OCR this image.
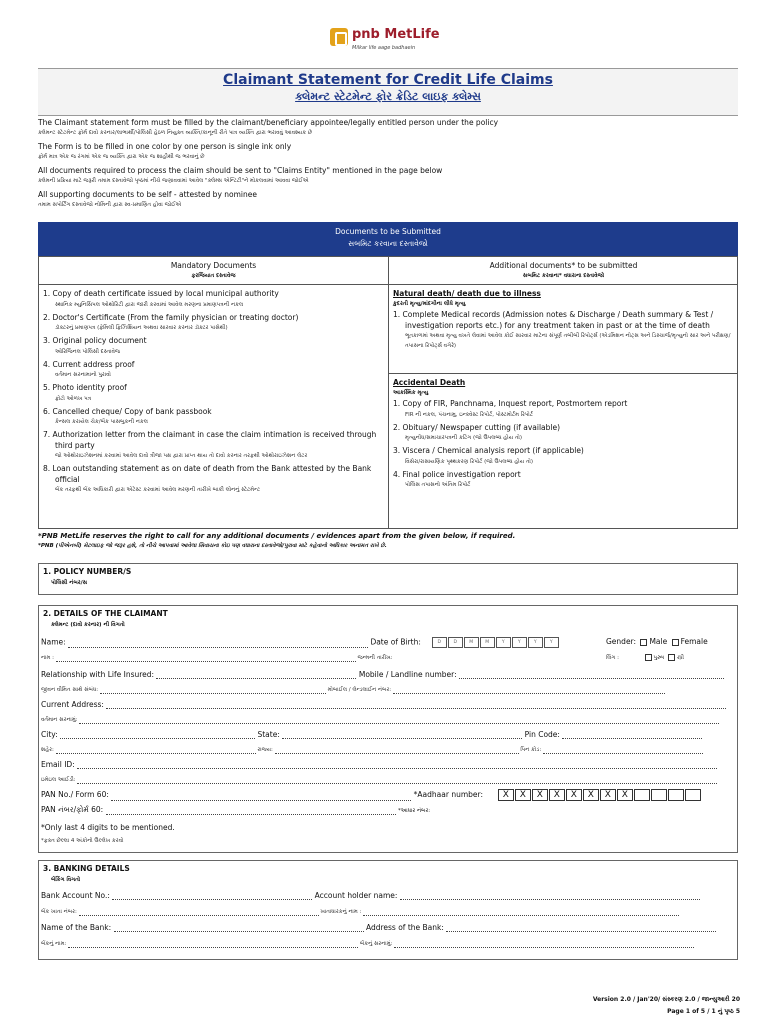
pnb MetLife
Milkar life aage badhaein
Claimant Statement for Credit Life Claims
ક્લેમન્ટ સ્ટેટમેન્ટ ફોર ક્રેડિટ લાઇફ ક્લેમ્સ
The Claimant statement form must be filled by the claimant/beneficiary appointee/legally entitled person under the policy
ક્લેમન્ટ સ્ટેટમેન્ટ ફોર્મ દાવો કરનાર/લાભાર્થી/પોલિસી હેઠળ નિયુક્ત વ્યક્તિ/કાનૂની રીતે પાત્ર વ્યક્તિ દ્વારા ભરાવવું આવશ્યક છે
The Form is to be filled in one color by one person is single ink only
ફોર્મ માત્ર એક જ રંગમાં એક જ વ્યક્તિ દ્વારા એક જ શાહીથી જ ભરવાનું છે
All documents required to process the claim should be sent to "Claims Entity" mentioned in the page below
ક્લેમની પ્રક્રિયા માટે જરૂરી તમામ દસ્તાવેજો પૃષ્ઠમાં નીચે જણાવવામાં આવેલ "ક્લેમ્સ એન્ટિટી"ને મોકલવામાં આવવા જોઈએ
All supporting documents to be self - attested by nominee
તમામ સપોર્ટિંગ દસ્તાવેજો નોમિની દ્વારા સ્વ-પ્રમાણિત હોવા જોઈએ
Documents to be Submitted
સબમિટ કરવાના દસ્તાવેજો
Mandatory Documents
ફરજિયાત દસ્તાવેજ
Additional documents* to be submitted
સબમિટ કરવાના* વધારાના દસ્તાવેજો
1. Copy of death certificate issued by local municipal authority
સ્થાનિક મ્યુનિસિપલ ઓથોરિટી દ્વારા જારી કરવામાં આવેલ મરણના પ્રમાણપત્રની નકલ
2. Doctor's Certificate (From the family physician or treating doctor)
ડૉક્ટરનું પ્રમાણપત્ર (ફેમિલી ફિઝિશિયન અથવા સારવાર કરનાર ડૉક્ટર પાસેથી)
3. Original policy document
ઓરિજિનલ પોલિસી દસ્તાવેજ
4. Current address proof
વર્તમાન સરનામાનો પુરાવો
5. Photo identity proof
ફોટો ઓળખ પત્ર
6. Cancelled cheque/ Copy of bank passbook
કેન્સલ કરાયેલ ચેક/બેંક પાસબુકની નકલ
7. Authorization letter from the claimant in case the claim intimation is received through third party
જો ઓથોરાઇઝેશનમાં કરવામાં આવેલ દાવો ત્રીજા પક્ષ દ્વારા પ્રાપ્ત થાય તો દાવો કરનાર તરફથી ઓથોરાઇઝેશન લેટર
8. Loan outstanding statement as on date of death from the Bank attested by the Bank official
બેંક તરફથી બેંક અધિકારી દ્વારા એટેસ્ટ કરવામાં આવેલ મરણની તારીખે બાકી લોનનું સ્ટેટમેન્ટ
Natural death/ death due to illness
કુદરતી મૃત્યુ/માંદગીના લીધે મૃત્યુ
1. Complete Medical records (Admission notes & Discharge / Death summary & Test / investigation reports etc.) for any treatment taken in past or at the time of death
ભૂતકાળમાં અથવા મૃત્યુ વખતે લેવામાં આવેલ કોઈ સારવાર માટેના સંપૂર્ણ તબીબી રિપોર્ટ્સ (એડમિશન નોટ્સ અને ડિસ્ચાર્જ/મૃત્યુનો સાર અને પરીક્ષણ/તપાસના રિપોર્ટ્સ વગેરે)
Accidental Death
આકસ્મિક મૃત્યુ
1. Copy of FIR, Panchnama, Inquest report, Postmortem report
FIR ની નકલ, પંચનામુ, ઇન્ક્વેસ્ટ રિપોર્ટ, પોસ્ટમોર્ટમ રિપોર્ટ
2. Obituary/ Newspaper cutting (if available)
મૃત્યુનોંધ/સમાચારપત્રની કટિંગ (જો ઉપલબ્ધ હોય તો)
3. Viscera / Chemical analysis report (if applicable)
વિસેરા/રાસાયણિક પૃથ્થકરણ રિપોર્ટ (જો ઉપલબ્ધ હોય તો)
4. Final police investigation report
પોલિસ તપાસનો અંતિમ રિપોર્ટ
*PNB MetLife reserves the right to call for any additional documents / evidences apart from the given below, if required.
*PNB (પીએનબી) મેટલાઇફ જો જરૂર હશે, તો નીચે આપવામાં આવેલા સિવાયના કોઇ પણ વધારાના દસ્તાવેજો/પુરાવા માટે કહેવાનો અધિકાર અનામત રાખે છે.
1. POLICY NUMBER/S
પોલિસી નંબર/સ
2. DETAILS OF THE CLAIMANT
ક્લેમન્ટ (દાવો કરનાર) ની વિગતો
Name:	Date of Birth:	D	D	M	M	Y	Y	Y	Y	Gender: Male Female
નામ :	જન્મની તારીખ:	લિંગ :	પુરુષ સ્ત્રી
Relationship with Life Insured:	Mobile / Landline number:
જીવન વીમિત સાથે સંબંધ:	મોબાઈલ / લેન્ડલાઈન નંબર:
Current Address:
વર્તમાન સરનામું:
City:	State:	Pin Code:
શહેર:	રાજ્ય:	પિન કોડ:
Email ID:
ઇમેઇલ આઈડી:
PAN No./ Form 60:	*Aadhaar number: X X X X X X X X
PAN નંબર/ફોર્મ 60:	*આધાર નંબર:
*Only last 4 digits to be mentioned.
*ફક્ત છેલ્લા 4 અંકોનો ઉલ્લેખ કરવો
3. BANKING DETAILS
બેંકિંગ વિગતો
Bank Account No.:	Account holder name:
બેંક ખાતા નંબર:	ખાતાધારકનું નામ :
Name of the Bank:	Address of the Bank:
બેંકનું નામ:	બેંકનું સરનામું:
Version 2.0 / Jan'20/ સંસ્કરણ 2.0 / જાન્યુઆરી 20
Page 1 of 5 / 1 નું પૃષ્ઠ 5
